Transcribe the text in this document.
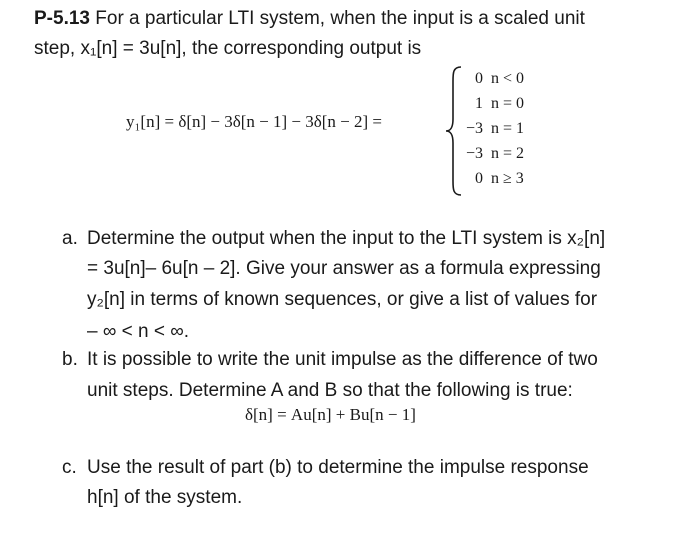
P-5.13 For a particular LTI system, when the input is a scaled unit
step, x₁[n] = 3u[n], the corresponding output is
y₁[n] = δ[n] − 3δ[n − 1] − 3δ[n − 2] =
0 n < 0
1 n = 0
−3 n = 1
−3 n = 2
0 n ≥ 3
a. Determine the output when the input to the LTI system is x₂[n]
= 3u[n]– 6u[n – 2]. Give your answer as a formula expressing
y₂[n] in terms of known sequences, or give a list of values for
– ∞ < n < ∞.
b. It is possible to write the unit impulse as the difference of two
unit steps. Determine A and B so that the following is true:
δ[n] = Au[n] + Bu[n − 1]
c. Use the result of part (b) to determine the impulse response
h[n] of the system.
